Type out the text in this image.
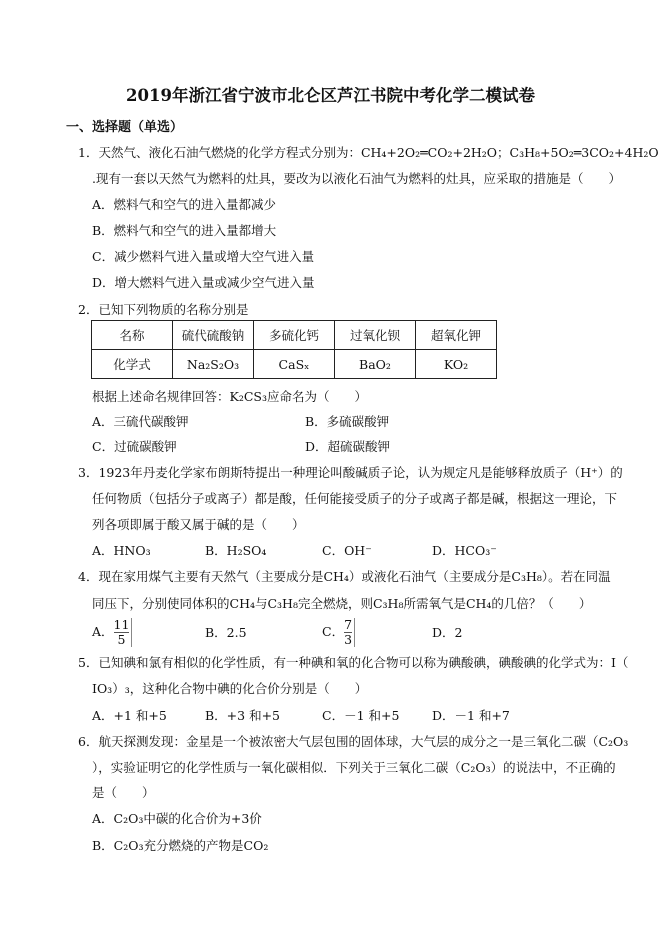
2019年浙江省宁波市北仑区芦江书院中考化学二模试卷
一、选择题（单选）
1．天然气、液化石油气燃烧的化学方程式分别为：CH₄+2O₂═CO₂+2H₂O；C₃H₈+5O₂═3CO₂+4H₂O
.现有一套以天然气为燃料的灶具，要改为以液化石油气为燃料的灶具，应采取的措施是（　　）
A．燃料气和空气的进入量都减少
B．燃料气和空气的进入量都增大
C．减少燃料气进入量或增大空气进入量
D．增大燃料气进入量或减少空气进入量
2．已知下列物质的名称分别是
名称	硫代硫酸钠	多硫化钙	过氧化钡	超氧化钾
化学式	Na₂S₂O₃	CaSₓ	BaO₂	KO₂
根据上述命名规律回答：K₂CS₃应命名为（　　）
A．三硫代碳酸钾	B．多硫碳酸钾
C．过硫碳酸钾	D．超硫碳酸钾
3．1923年丹麦化学家布朗斯特提出一种理论叫酸碱质子论，认为规定凡是能够释放质子（H⁺）的
任何物质（包括分子或离子）都是酸，任何能接受质子的分子或离子都是碱，根据这一理论，下
列各项即属于酸又属于碱的是（　　）
A．HNO₃	B．H₂SO₄	C．OH⁻	D．HCO₃⁻
4．现在家用煤气主要有天然气（主要成分是CH₄）或液化石油气（主要成分是C₃H₈）。若在同温
同压下，分别使同体积的CH₄与C₃H₈完全燃烧，则C₃H₈所需氧气是CH₄的几倍？（　　）
A． $\frac{11}{5}$	B．2.5	C． $\frac{7}{3}$	D．2
5．已知碘和氯有相似的化学性质，有一种碘和氧的化合物可以称为碘酸碘，碘酸碘的化学式为：I（
IO₃）₃，这种化合物中碘的化合价分别是（　　）
A．+1 和+5	B．+3 和+5	C．－1 和+5	D．－1 和+7
6．航天探测发现：金星是一个被浓密大气层包围的固体球，大气层的成分之一是三氧化二碳（C₂O₃
），实验证明它的化学性质与一氧化碳相似．下列关于三氧化二碳（C₂O₃）的说法中，不正确的
是（　　）
A．C₂O₃中碳的化合价为+3价
B．C₂O₃充分燃烧的产物是CO₂
